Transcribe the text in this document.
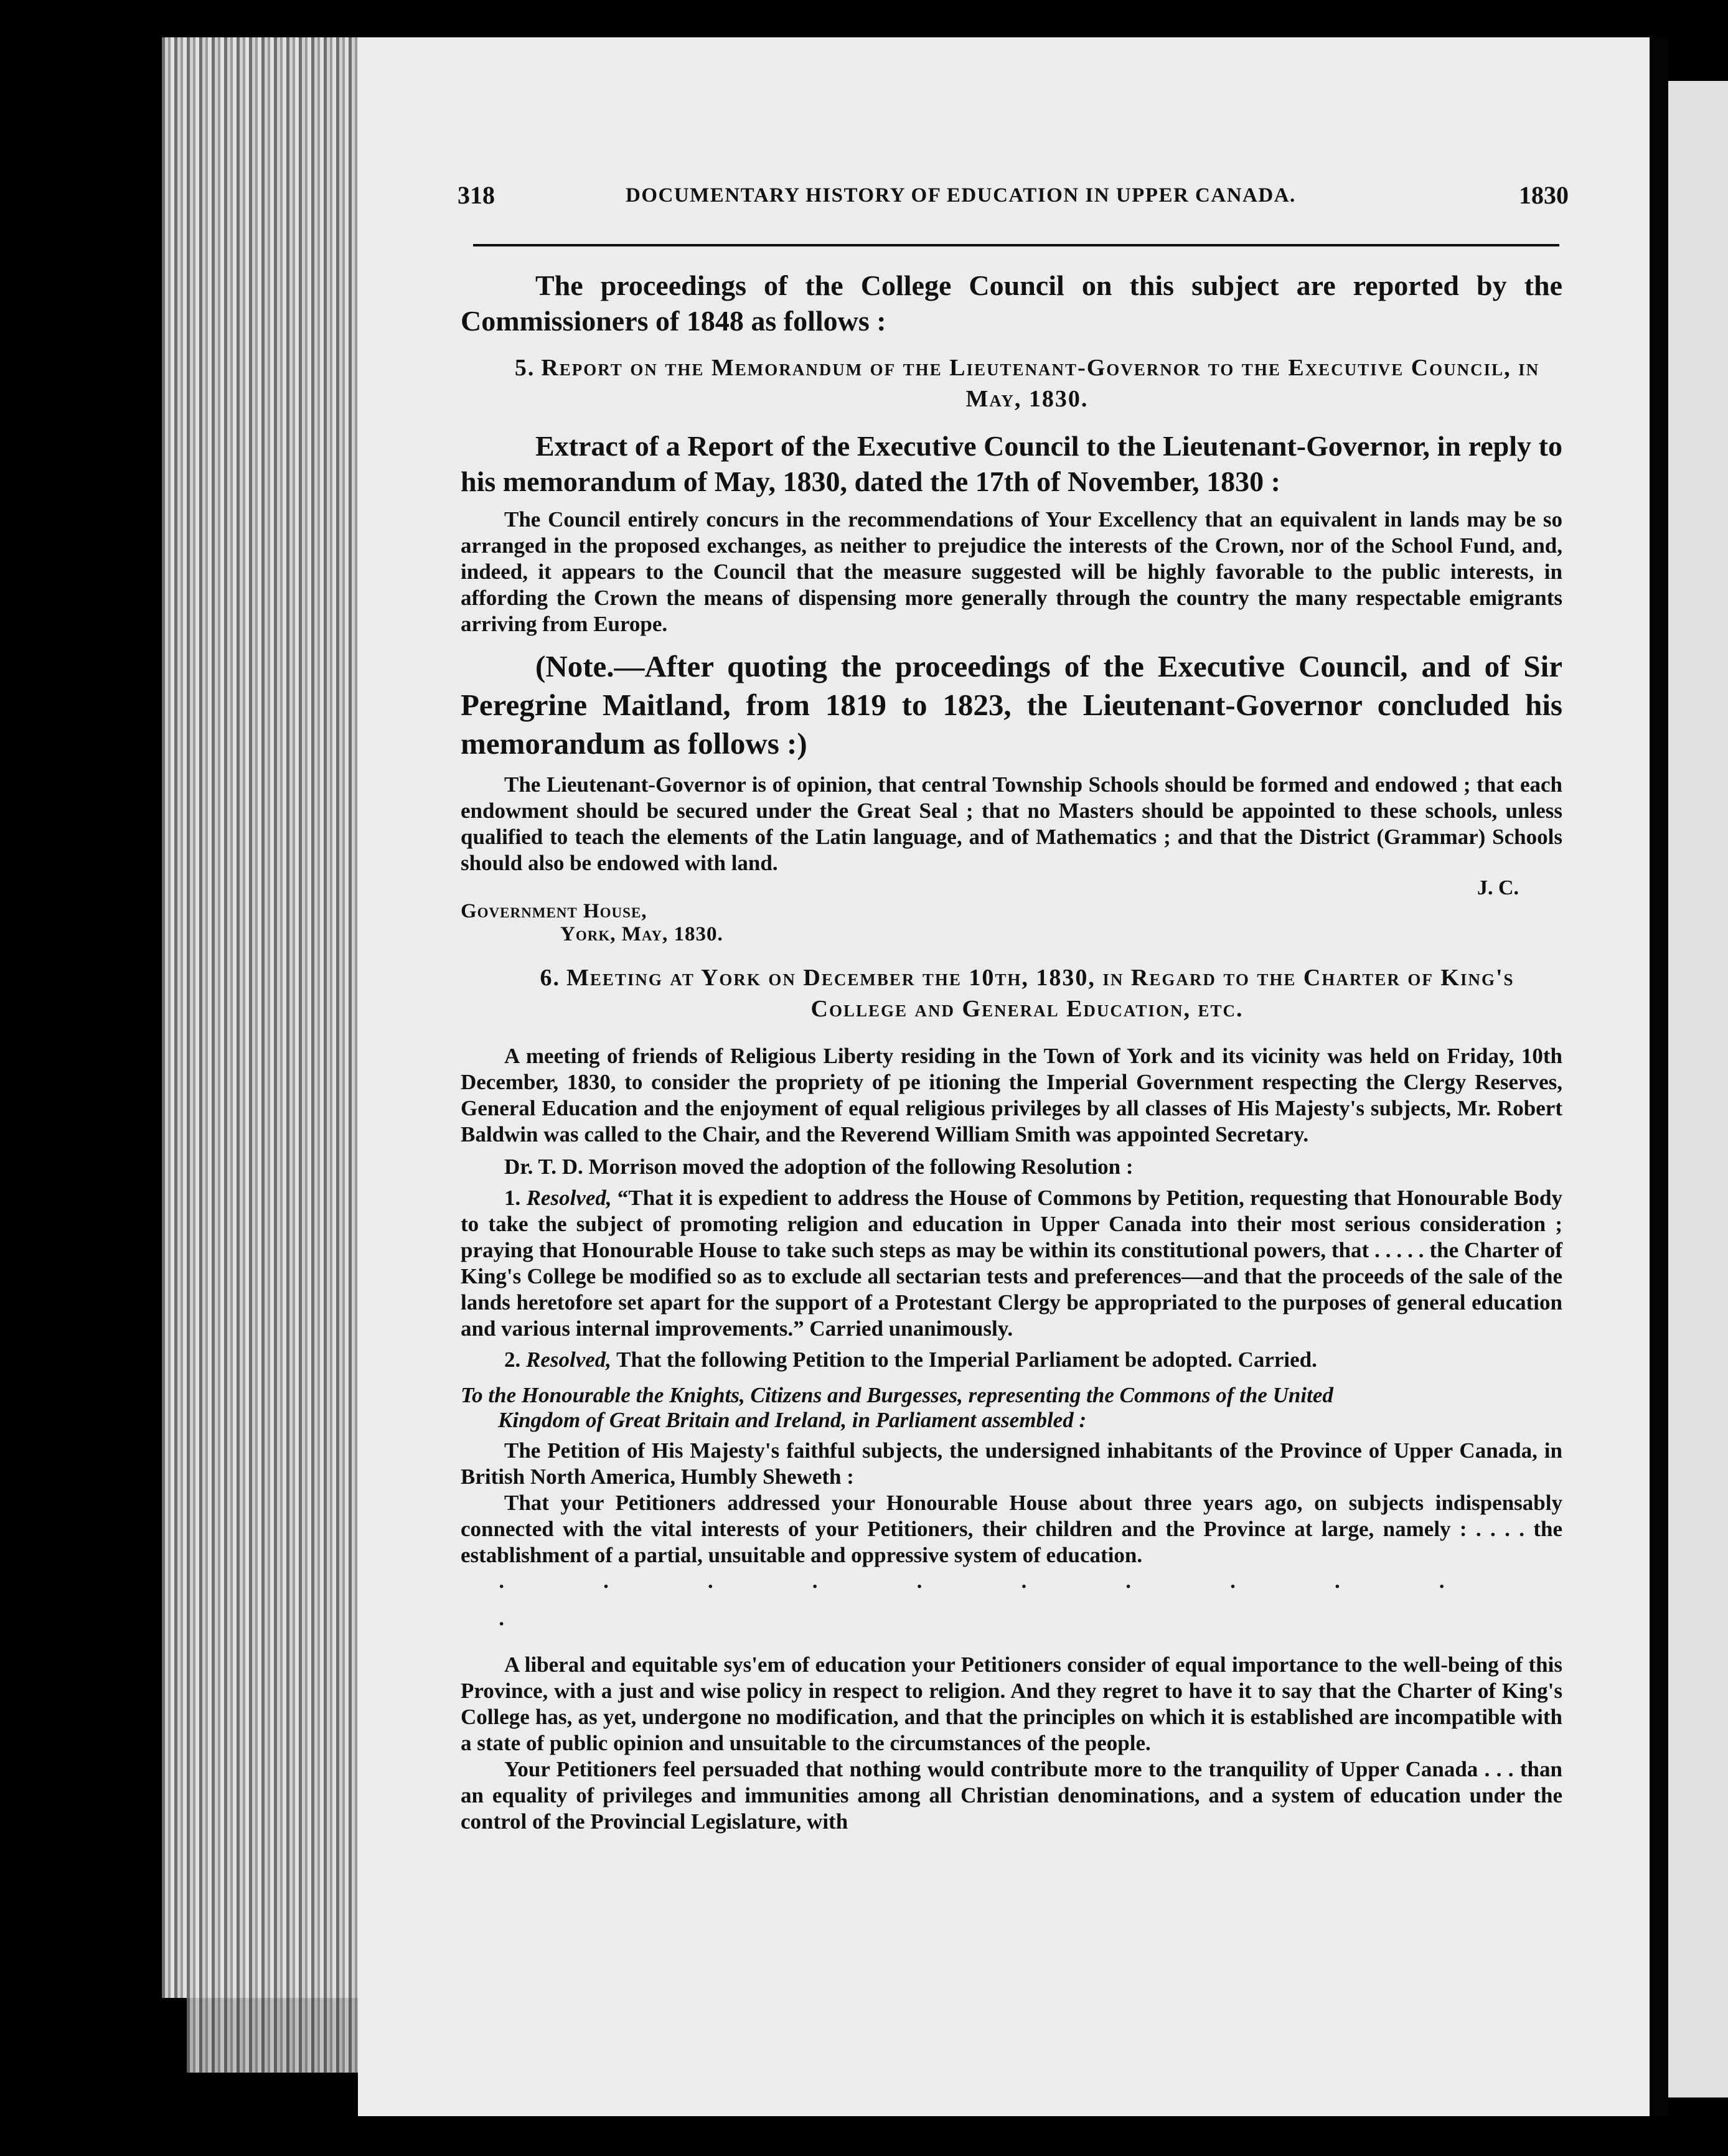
318	DOCUMENTARY HISTORY OF EDUCATION IN UPPER CANADA.	1830

The proceedings of the College Council on this subject are reported by the Commissioners of 1848 as follows :

5. Report on the Memorandum of the Lieutenant-Governor to the Executive Council, in May, 1830.

Extract of a Report of the Executive Council to the Lieutenant-Governor, in reply to his memorandum of May, 1830, dated the 17th of November, 1830 :

The Council entirely concurs in the recommendations of Your Excellency that an equivalent in lands may be so arranged in the proposed exchanges, as neither to prejudice the interests of the Crown, nor of the School Fund, and, indeed, it appears to the Council that the measure suggested will be highly favorable to the public interests, in affording the Crown the means of dispensing more generally through the country the many respectable emigrants arriving from Europe.

(Note.—After quoting the proceedings of the Executive Council, and of Sir Peregrine Maitland, from 1819 to 1823, the Lieutenant-Governor concluded his memorandum as follows :)

The Lieutenant-Governor is of opinion, that central Township Schools should be formed and endowed ; that each endowment should be secured under the Great Seal ; that no Masters should be appointed to these schools, unless qualified to teach the elements of the Latin language, and of Mathematics ; and that the District (Grammar) Schools should also be endowed with land.

J. C.

Government House,

York, May, 1830.

6. Meeting at York on December the 10th, 1830, in Regard to the Charter of King's College and General Education, etc.

A meeting of friends of Religious Liberty residing in the Town of York and its vicinity was held on Friday, 10th December, 1830, to consider the propriety of pe itioning the Imperial Government respecting the Clergy Reserves, General Education and the enjoyment of equal religious privileges by all classes of His Majesty's subjects, Mr. Robert Baldwin was called to the Chair, and the Reverend William Smith was appointed Secretary.

Dr. T. D. Morrison moved the adoption of the following Resolution :

1. Resolved, “That it is expedient to address the House of Commons by Petition, requesting that Honourable Body to take the subject of promoting religion and education in Upper Canada into their most serious consideration ; praying that Honourable House to take such steps as may be within its constitutional powers, that . . . . . the Charter of King's College be modified so as to exclude all sectarian tests and preferences—and that the proceeds of the sale of the lands heretofore set apart for the support of a Protestant Clergy be appropriated to the purposes of general education and various internal improvements.” Carried unanimously.

2. Resolved, That the following Petition to the Imperial Parliament be adopted. Carried.

To the Honourable the Knights, Citizens and Burgesses, representing the Commons of the United
Kingdom of Great Britain and Ireland, in Parliament assembled :

The Petition of His Majesty's faithful subjects, the undersigned inhabitants of the Province of Upper Canada, in British North America, Humbly Sheweth :

That your Petitioners addressed your Honourable House about three years ago, on subjects indispensably connected with the vital interests of your Petitioners, their children and the Province at large, namely : . . . . the establishment of a partial, unsuitable and oppressive system of education.

· · · · · · · · · · ·

A liberal and equitable sys'em of education your Petitioners consider of equal importance to the well-being of this Province, with a just and wise policy in respect to religion. And they regret to have it to say that the Charter of King's College has, as yet, undergone no modification, and that the principles on which it is established are incompatible with a state of public opinion and unsuitable to the circumstances of the people.

Your Petitioners feel persuaded that nothing would contribute more to the tranquility of Upper Canada . . . than an equality of privileges and immunities among all Christian denominations, and a system of education under the control of the Provincial Legislature, with
